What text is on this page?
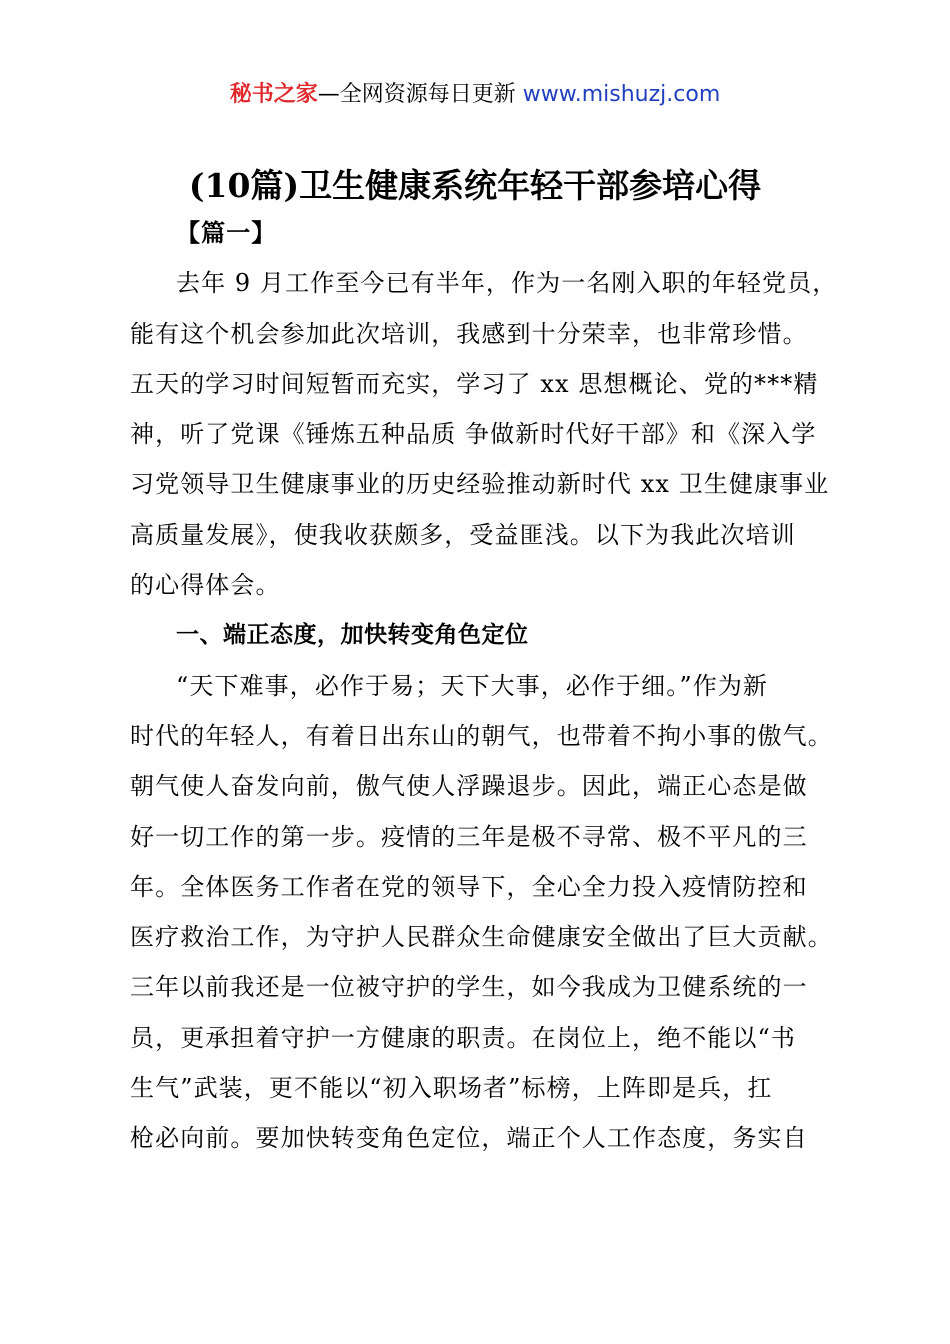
秘书之家—全网资源每日更新 www.mishuzj.com
(10篇)卫生健康系统年轻干部参培心得
【篇一】
去年 9 月工作至今已有半年，作为一名刚入职的年轻党员，
能有这个机会参加此次培训，我感到十分荣幸，也非常珍惜。
五天的学习时间短暂而充实，学习了 xx 思想概论、党的***精
神，听了党课《锤炼五种品质 争做新时代好干部》和《深入学
习党领导卫生健康事业的历史经验推动新时代 xx 卫生健康事业
高质量发展》，使我收获颇多，受益匪浅。以下为我此次培训
的心得体会。
一、端正态度，加快转变角色定位
“天下难事，必作于易；天下大事，必作于细。”作为新
时代的年轻人，有着日出东山的朝气，也带着不拘小事的傲气。
朝气使人奋发向前，傲气使人浮躁退步。因此，端正心态是做
好一切工作的第一步。疫情的三年是极不寻常、极不平凡的三
年。全体医务工作者在党的领导下，全心全力投入疫情防控和
医疗救治工作，为守护人民群众生命健康安全做出了巨大贡献。
三年以前我还是一位被守护的学生，如今我成为卫健系统的一
员，更承担着守护一方健康的职责。在岗位上，绝不能以“书
生气”武装，更不能以“初入职场者”标榜，上阵即是兵，扛
枪必向前。要加快转变角色定位，端正个人工作态度，务实自
